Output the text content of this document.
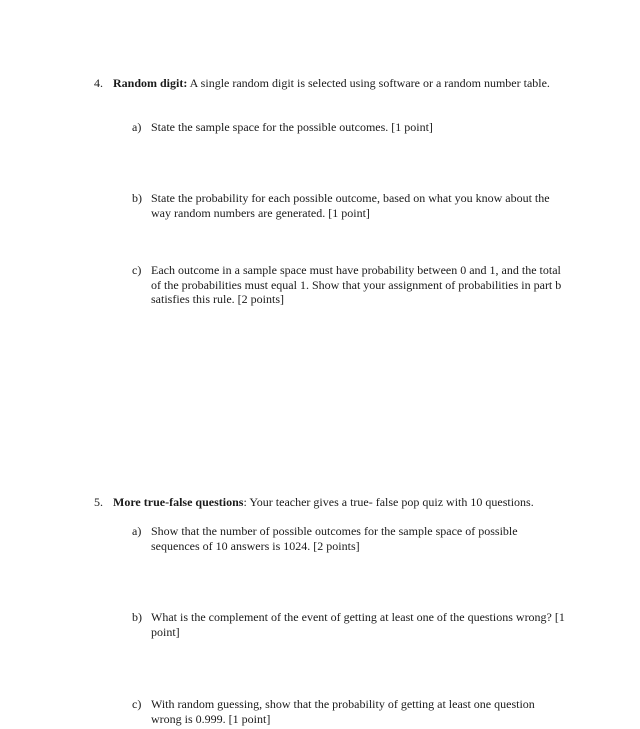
4. Random digit: A single random digit is selected using software or a random number table.
a) State the sample space for the possible outcomes. [1 point]
b) State the probability for each possible outcome, based on what you know about the way random numbers are generated. [1 point]
c) Each outcome in a sample space must have probability between 0 and 1, and the total of the probabilities must equal 1. Show that your assignment of probabilities in part b satisfies this rule. [2 points]
5. More true-false questions: Your teacher gives a true- false pop quiz with 10 questions.
a) Show that the number of possible outcomes for the sample space of possible sequences of 10 answers is 1024. [2 points]
b) What is the complement of the event of getting at least one of the questions wrong? [1 point]
c) With random guessing, show that the probability of getting at least one question wrong is 0.999. [1 point]
